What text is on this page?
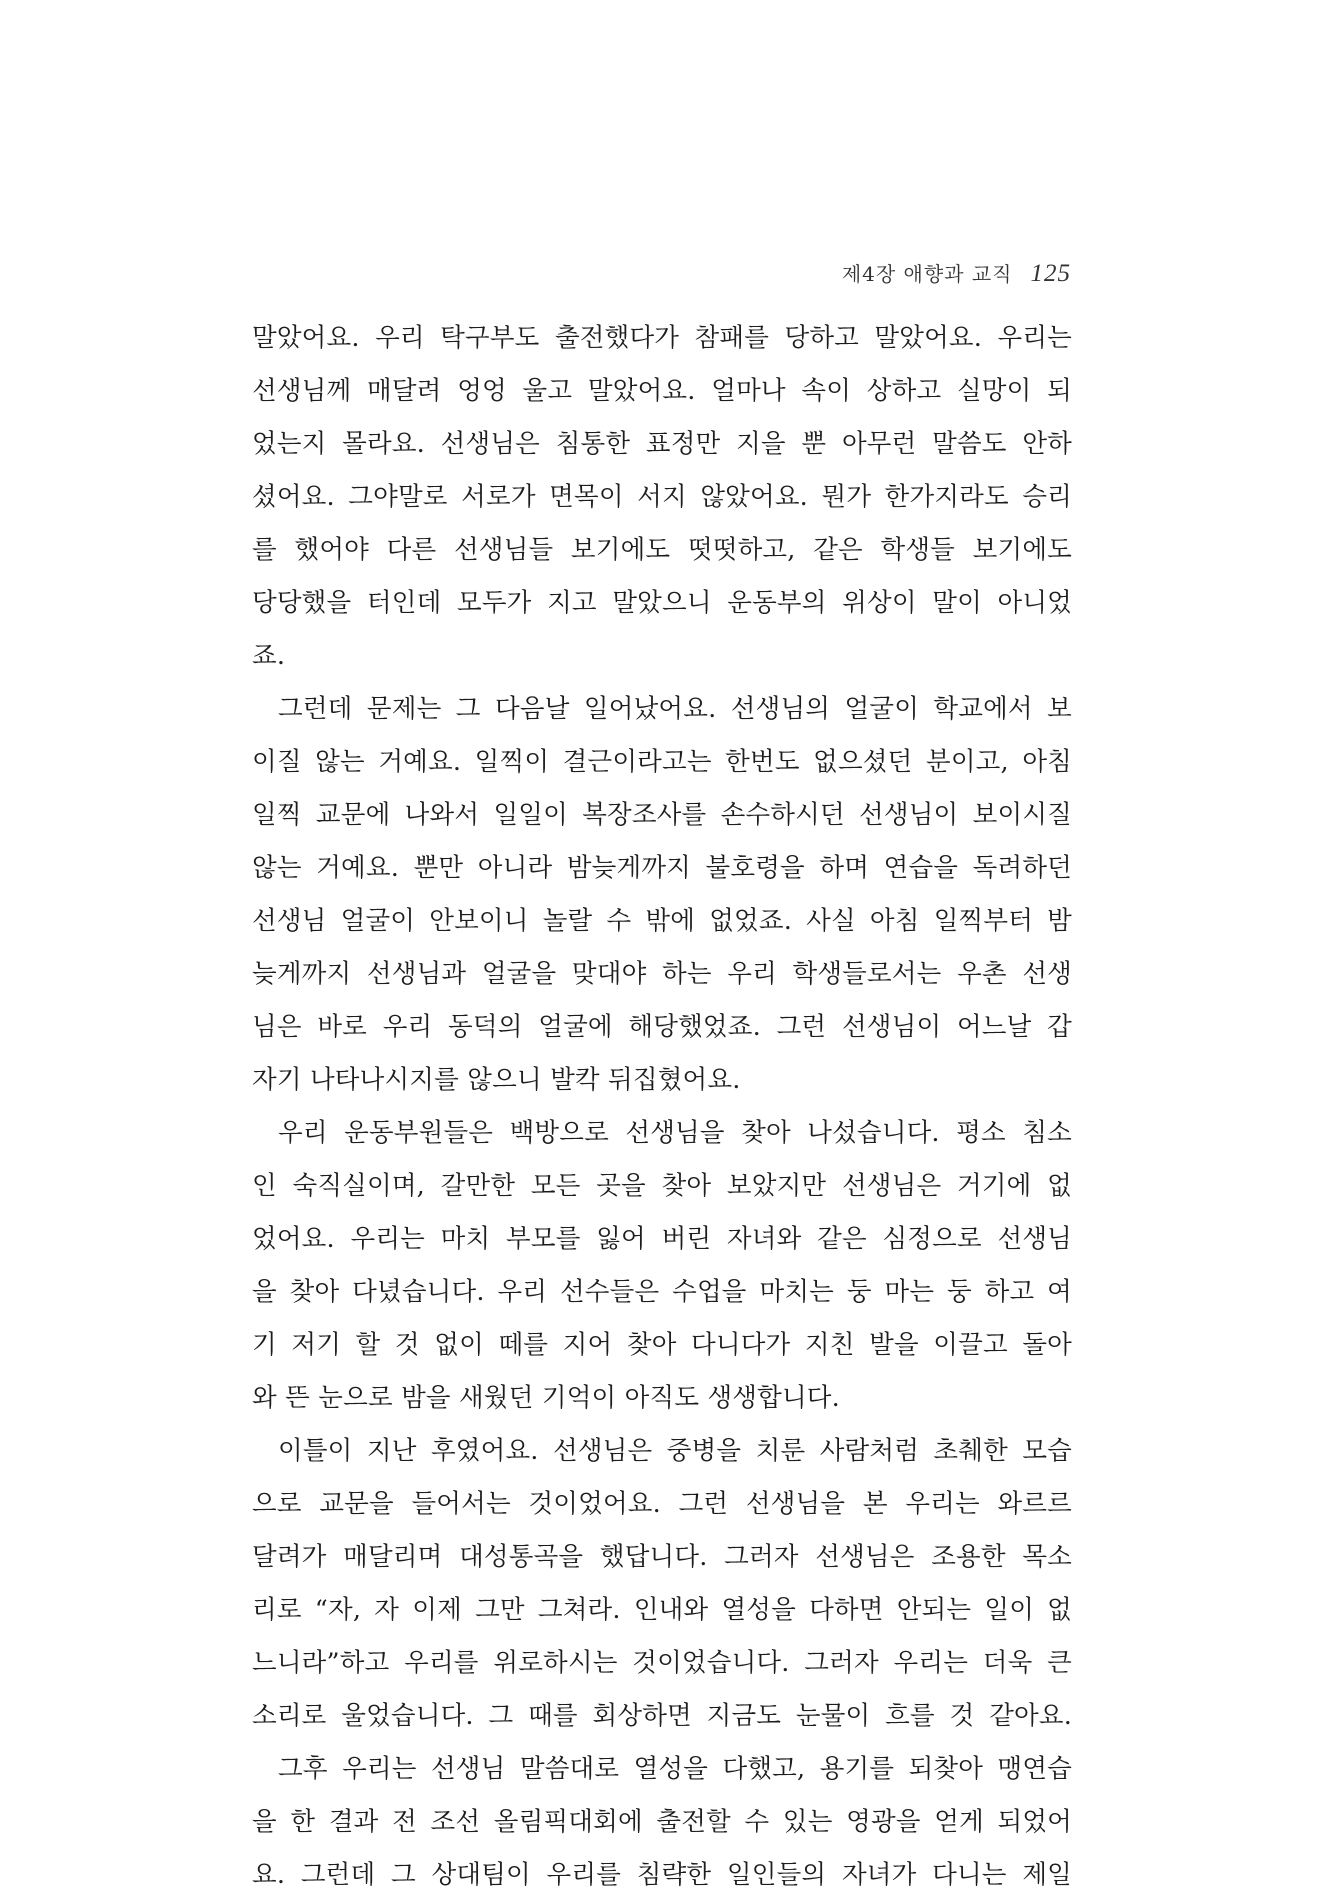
제4장 애향과 교직 125
말았어요. 우리 탁구부도 출전했다가 참패를 당하고 말았어요. 우리는
선생님께 매달려 엉엉 울고 말았어요. 얼마나 속이 상하고 실망이 되
었는지 몰라요. 선생님은 침통한 표정만 지을 뿐 아무런 말씀도 안하
셨어요. 그야말로 서로가 면목이 서지 않았어요. 뭔가 한가지라도 승리
를 했어야 다른 선생님들 보기에도 떳떳하고, 같은 학생들 보기에도
당당했을 터인데 모두가 지고 말았으니 운동부의 위상이 말이 아니었
죠.
그런데 문제는 그 다음날 일어났어요. 선생님의 얼굴이 학교에서 보
이질 않는 거예요. 일찍이 결근이라고는 한번도 없으셨던 분이고, 아침
일찍 교문에 나와서 일일이 복장조사를 손수하시던 선생님이 보이시질
않는 거예요. 뿐만 아니라 밤늦게까지 불호령을 하며 연습을 독려하던
선생님 얼굴이 안보이니 놀랄 수 밖에 없었죠. 사실 아침 일찍부터 밤
늦게까지 선생님과 얼굴을 맞대야 하는 우리 학생들로서는 우촌 선생
님은 바로 우리 동덕의 얼굴에 해당했었죠. 그런 선생님이 어느날 갑
자기 나타나시지를 않으니 발칵 뒤집혔어요.
우리 운동부원들은 백방으로 선생님을 찾아 나섰습니다. 평소 침소
인 숙직실이며, 갈만한 모든 곳을 찾아 보았지만 선생님은 거기에 없
었어요. 우리는 마치 부모를 잃어 버린 자녀와 같은 심정으로 선생님
을 찾아 다녔습니다. 우리 선수들은 수업을 마치는 둥 마는 둥 하고 여
기 저기 할 것 없이 떼를 지어 찾아 다니다가 지친 발을 이끌고 돌아
와 뜬 눈으로 밤을 새웠던 기억이 아직도 생생합니다.
이틀이 지난 후였어요. 선생님은 중병을 치룬 사람처럼 초췌한 모습
으로 교문을 들어서는 것이었어요. 그런 선생님을 본 우리는 와르르
달려가 매달리며 대성통곡을 했답니다. 그러자 선생님은 조용한 목소
리로 “자, 자 이제 그만 그쳐라. 인내와 열성을 다하면 안되는 일이 없
느니라”하고 우리를 위로하시는 것이었습니다. 그러자 우리는 더욱 큰
소리로 울었습니다. 그 때를 회상하면 지금도 눈물이 흐를 것 같아요.
그후 우리는 선생님 말씀대로 열성을 다했고, 용기를 되찾아 맹연습
을 한 결과 전 조선 올림픽대회에 출전할 수 있는 영광을 얻게 되었어
요. 그런데 그 상대팀이 우리를 침략한 일인들의 자녀가 다니는 제일
